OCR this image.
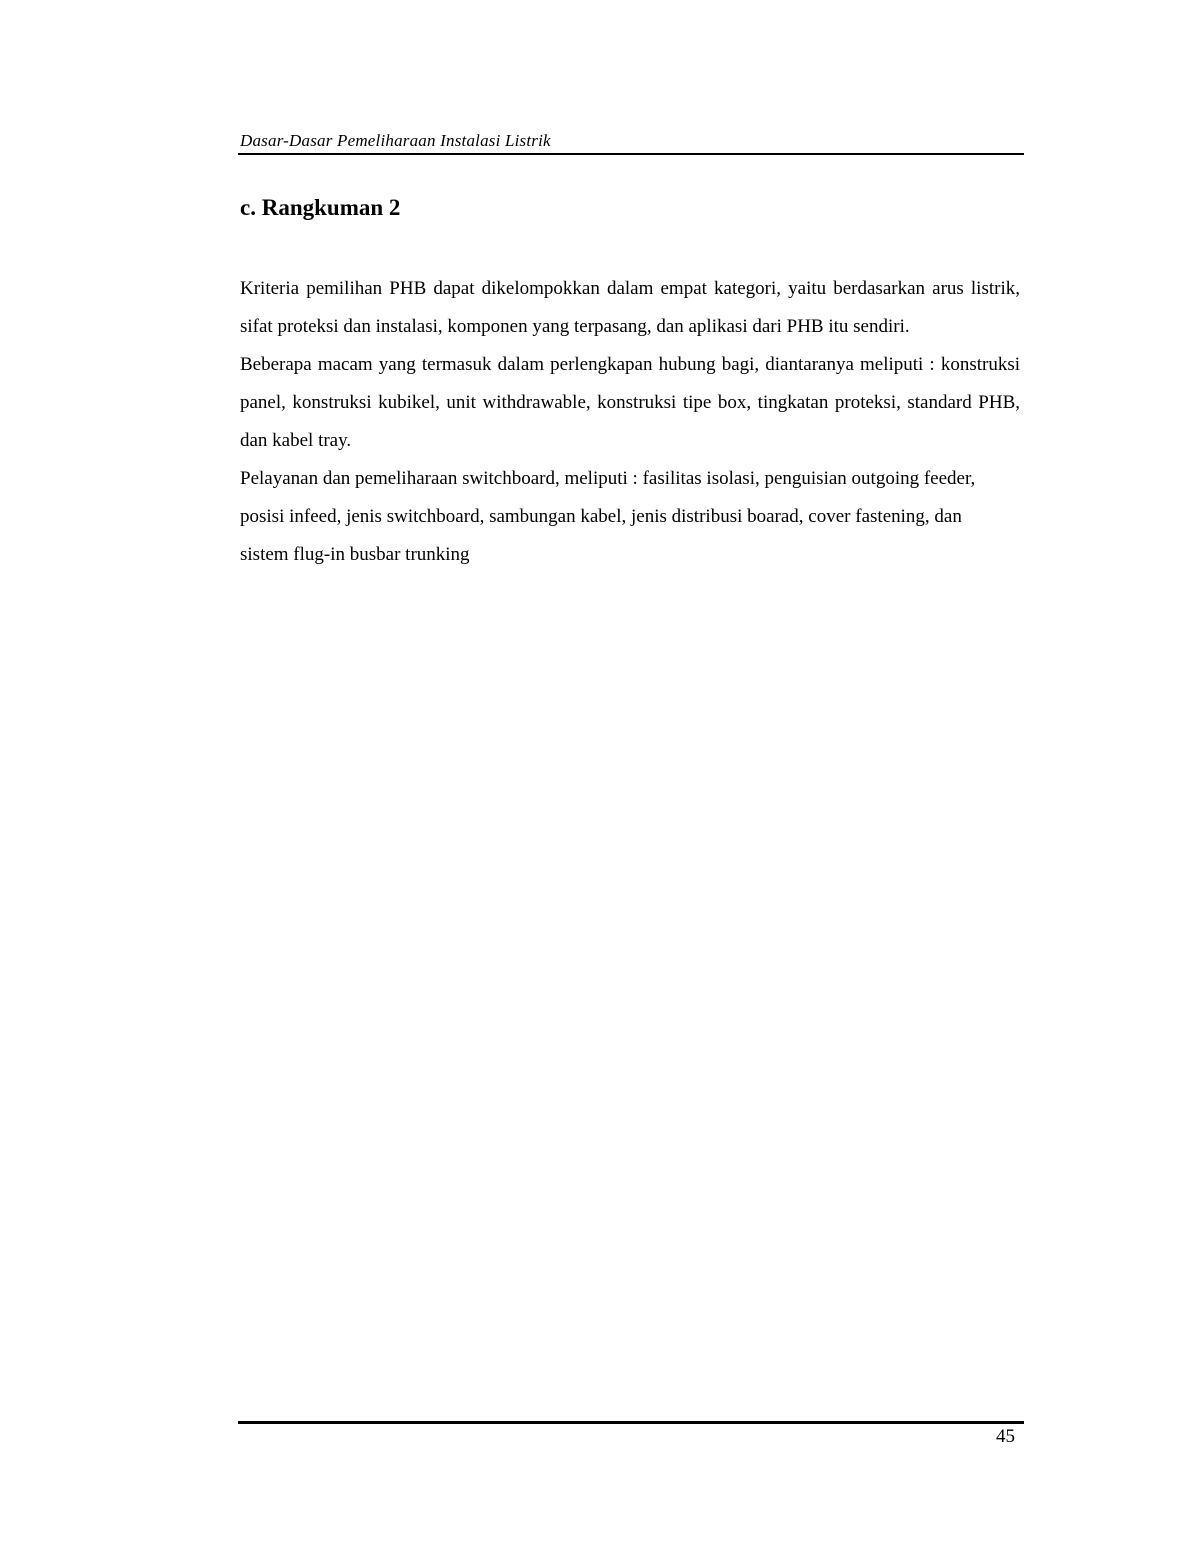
Dasar-Dasar Pemeliharaan Instalasi Listrik
c. Rangkuman 2

Kriteria pemilihan PHB dapat dikelompokkan dalam empat kategori, yaitu berdasarkan arus listrik, sifat proteksi dan instalasi, komponen yang terpasang, dan aplikasi dari PHB itu sendiri.

Beberapa macam yang termasuk dalam perlengkapan hubung bagi, diantaranya meliputi : konstruksi panel, konstruksi kubikel, unit withdrawable, konstruksi tipe box, tingkatan proteksi, standard PHB, dan kabel tray.

Pelayanan dan pemeliharaan switchboard, meliputi : fasilitas isolasi, penguisian outgoing feeder, posisi infeed, jenis switchboard, sambungan kabel, jenis distribusi boarad, cover fastening, dan sistem flug-in busbar trunking

45
